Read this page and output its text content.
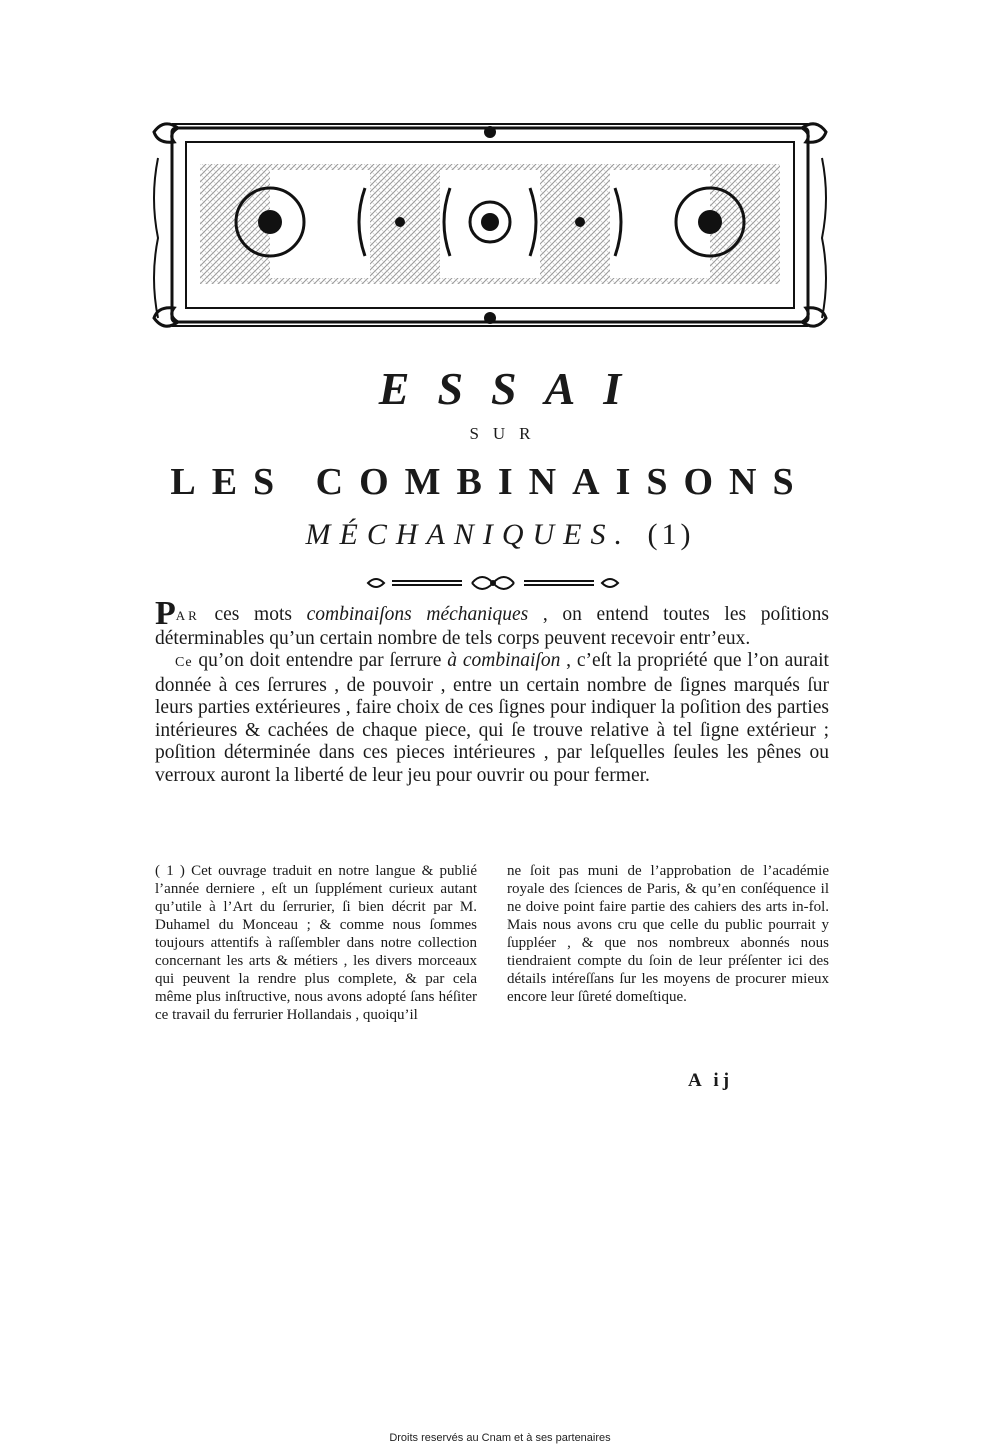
ESSAI
SUR
LES COMBINAISONS
MÉCHANIQUES. (1)

PAR ces mots combinaiſons méchaniques , on entend toutes les poſitions déterminables qu’un certain nombre de tels corps peuvent recevoir entr’eux.

Ce qu’on doit entendre par ſerrure à combinaiſon , c’eſt la propriété que l’on aurait donnée à ces ſerrures , de pouvoir , entre un certain nombre de ſignes marqués ſur leurs parties extérieures , faire choix de ces ſignes pour indiquer la poſition des parties intérieures & cachées de chaque piece, qui ſe trouve relative à tel ſigne extérieur ; poſition déterminée dans ces pieces intérieures , par leſquelles ſeules les pênes ou verroux auront la liberté de leur jeu pour ouvrir ou pour fermer.

( 1 ) Cet ouvrage traduit en notre langue & publié l’année derniere , eſt un ſupplément curieux autant qu’utile à l’Art du ſerrurier, ſi bien décrit par M. Duhamel du Monceau ; & comme nous ſommes toujours attentifs à raſſembler dans notre collection concernant les arts & métiers , les divers morceaux qui peuvent la rendre plus complete, & par cela même plus inſtructive, nous avons adopté ſans héſiter ce travail du ferrurier Hollandais , quoiqu’il

ne ſoit pas muni de l’approbation de l’académie royale des ſciences de Paris, & qu’en conſéquence il ne doive point faire partie des cahiers des arts in-fol. Mais nous avons cru que celle du public pourrait y ſuppléer , & que nos nombreux abonnés nous tiendraient compte du ſoin de leur préſenter ici des détails intéreſſans ſur les moyens de procurer mieux encore leur ſûreté domeſtique.

A ij
Droits reservés au Cnam et à ses partenaires
